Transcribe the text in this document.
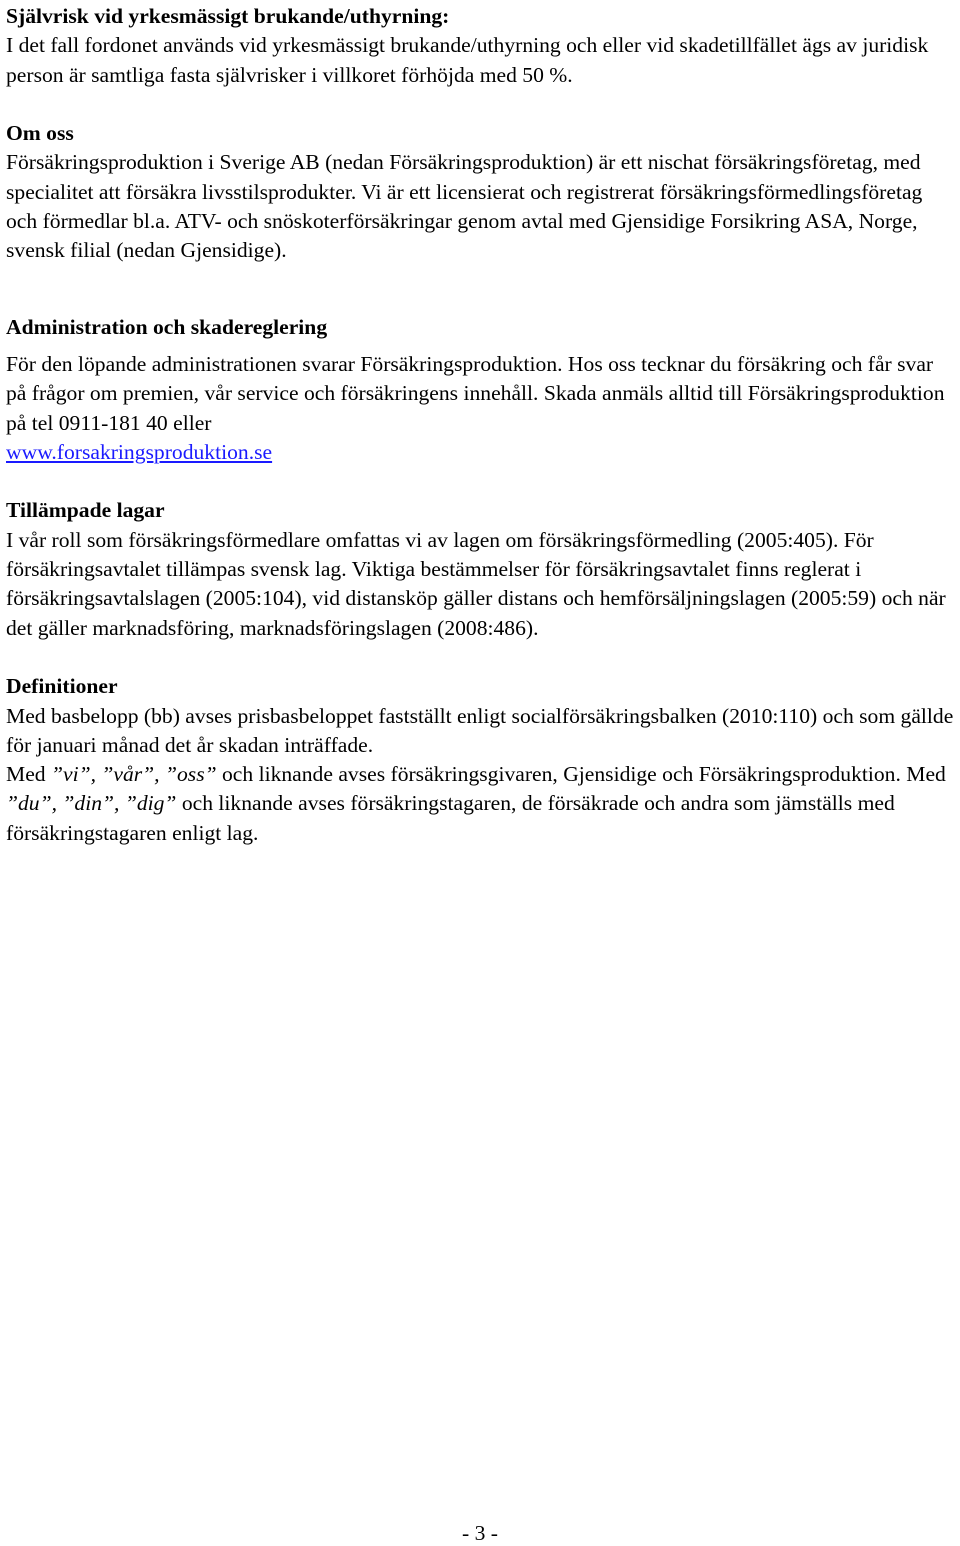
Självrisk vid yrkesmässigt brukande/uthyrning:

I det fall fordonet används vid yrkesmässigt brukande/uthyrning och eller vid skadetillfället ägs av juridisk person är samtliga fasta självrisker i villkoret förhöjda med 50 %.

Om oss

Försäkringsproduktion i Sverige AB (nedan Försäkringsproduktion) är ett nischat försäkringsföretag, med specialitet att försäkra livsstilsprodukter. Vi är ett licensierat och registrerat försäkringsförmedlingsföretag och förmedlar bl.a. ATV- och snöskoterförsäkringar genom avtal med Gjensidige Forsikring ASA, Norge, svensk filial (nedan Gjensidige).

Administration och skadereglering

För den löpande administrationen svarar Försäkringsproduktion. Hos oss tecknar du försäkring och får svar på frågor om premien, vår service och försäkringens innehåll. Skada anmäls alltid till Försäkringsproduktion på tel 0911-181 40 eller
www.forsakringsproduktion.se

Tillämpade lagar

I vår roll som försäkringsförmedlare omfattas vi av lagen om försäkringsförmedling (2005:405). För försäkringsavtalet tillämpas svensk lag. Viktiga bestämmelser för försäkringsavtalet finns reglerat i försäkringsavtalslagen (2005:104), vid distansköp gäller distans och hemförsäljningslagen (2005:59) och när det gäller marknadsföring, marknadsföringslagen (2008:486).

Definitioner

Med basbelopp (bb) avses prisbasbeloppet fastställt enligt socialförsäkringsbalken (2010:110) och som gällde för januari månad det år skadan inträffade.

Med ”vi”, ”vår”, ”oss” och liknande avses försäkringsgivaren, Gjensidige och Försäkringsproduktion. Med ”du”, ”din”, ”dig” och liknande avses försäkringstagaren, de försäkrade och andra som jämställs med försäkringstagaren enligt lag.

- 3 -
